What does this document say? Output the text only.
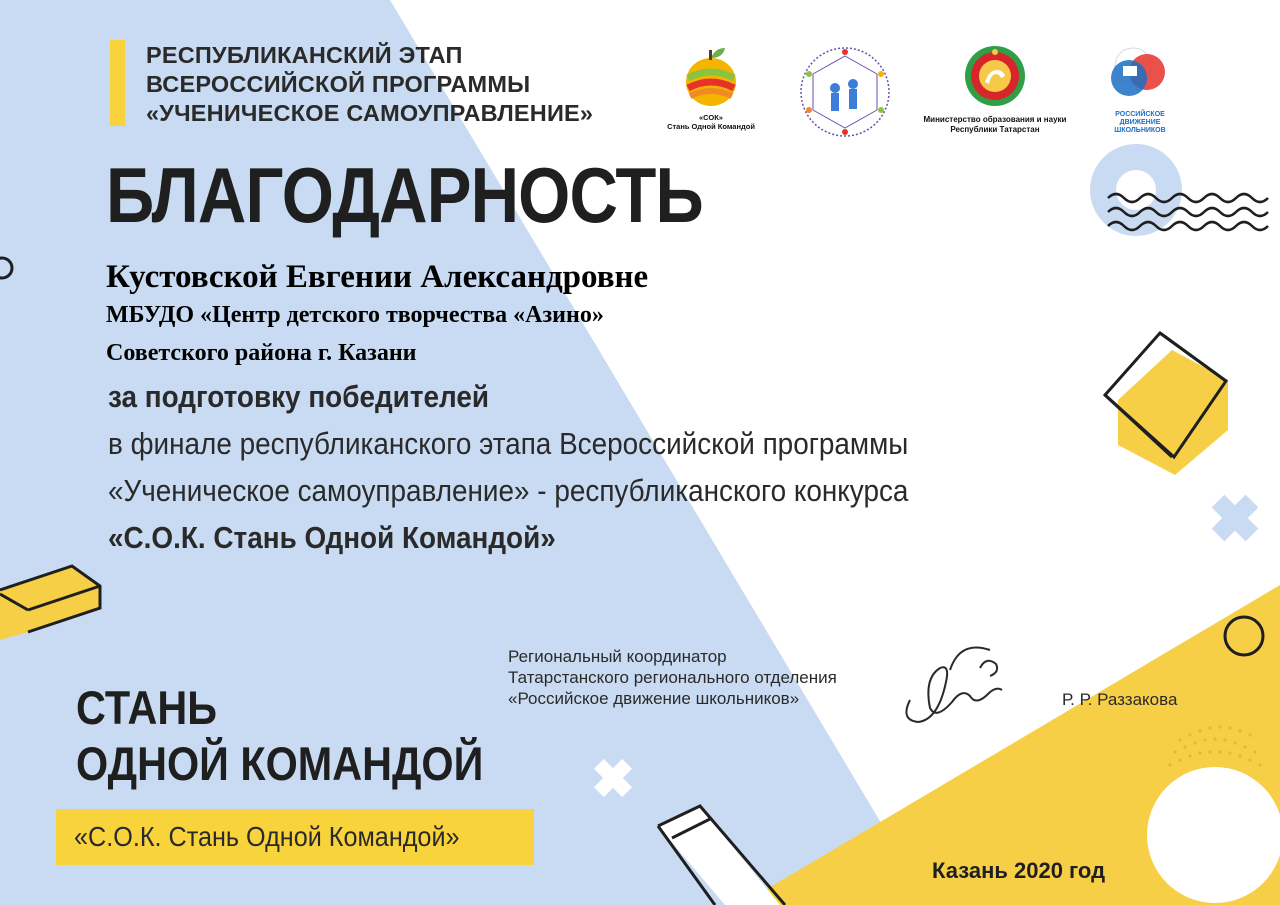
РЕСПУБЛИКАНСКИЙ ЭТАП
ВСЕРОССИЙСКОЙ ПРОГРАММЫ
«УЧЕНИЧЕСКОЕ САМОУПРАВЛЕНИЕ»	«СОК»
Стань Одной Командой
Министерство образования и науки
Республики Татарстан
РОССИЙСКОЕ
ДВИЖЕНИЕ ШКОЛЬНИКОВ
БЛАГОДАРНОСТЬ
Кустовской Евгении Александровне
МБУДО «Центр детского творчества «Азино»
Советского района г. Казани
за подготовку победителей
в финале республиканского этапа Всероссийской программы
«Ученическое самоуправление» - республиканского конкурса
«С.О.К. Стань Одной Командой»
СТАНЬ
ОДНОЙ КОМАНДОЙ
«С.О.К. Стань Одной Командой»
Региональный координатор
Татарстанского регионального отделения
«Российское движение школьников»	Р. Р. Раззакова
Казань 2020 год
